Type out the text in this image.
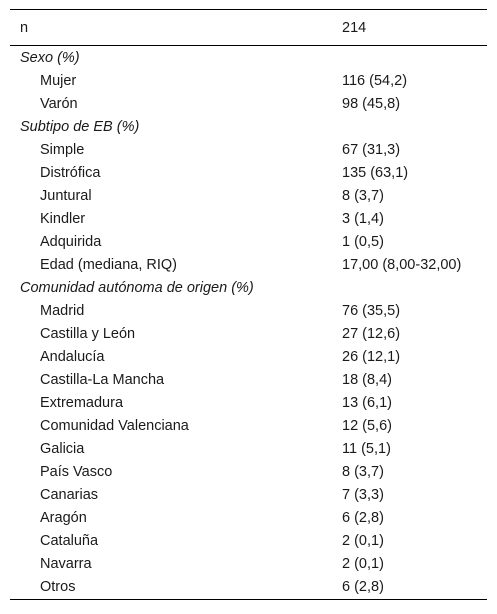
n	214
Sexo (%)	
Mujer	116 (54,2)
Varón	98 (45,8)
Subtipo de EB (%)	
Simple	67 (31,3)
Distrófica	135 (63,1)
Juntural	8 (3,7)
Kindler	3 (1,4)
Adquirida	1 (0,5)
Edad (mediana, RIQ)	17,00 (8,00-32,00)
Comunidad autónoma de origen (%)	
Madrid	76 (35,5)
Castilla y León	27 (12,6)
Andalucía	26 (12,1)
Castilla-La Mancha	18 (8,4)
Extremadura	13 (6,1)
Comunidad Valenciana	12 (5,6)
Galicia	11 (5,1)
País Vasco	8 (3,7)
Canarias	7 (3,3)
Aragón	6 (2,8)
Cataluña	2 (0,1)
Navarra	2 (0,1)
Otros	6 (2,8)
